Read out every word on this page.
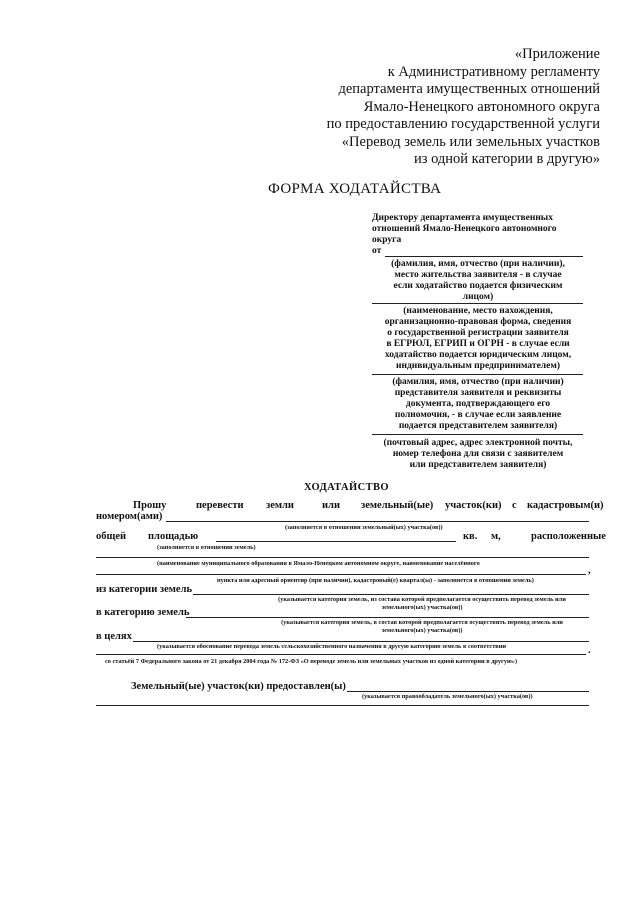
«Приложение
к Административному регламенту
департамента имущественных отношений
Ямало-Ненецкого автономного округа
по предоставлению государственной услуги
«Перевод земель или земельных участков
из одной категории в другую»
ФОРМА ХОДАТАЙСТВА
Директору департамента имущественных
отношений Ямало-Ненецкого автономного
округа
от
(фамилия, имя, отчество (при наличии),
место жительства заявителя - в случае
если ходатайство подается физическим
лицом)
(наименование, место нахождения,
организационно-правовая форма, сведения
о государственной регистрации заявителя
в ЕГРЮЛ, ЕГРИП и ОГРН - в случае если
ходатайство подается юридическим лицом,
индивидуальным предпринимателем)
(фамилия, имя, отчество (при наличии)
представителя заявителя и реквизиты
документа, подтверждающего его
полномочия, - в случае если заявление
подается представителем заявителя)
(почтовый адрес, адрес электронной почты,
номер телефона для связи с заявителем
или представителем заявителя)
ХОДАТАЙСТВО
Прошу	перевести земли	или земельный(ые) участок(ки) с кадастровым(и)
номером(ами)
(заполняется в отношении земельный(ых) участка(ов))
общей площадью	кв. м,	расположенные
(заполняется в отношении земель)
(наименование муниципального образования в Ямало-Ненецком автономном округе, наименование населённого
,
пункта или адресный ориентир (при наличии), кадастровый(е) квартал(ы) - заполняется в отношении земель)
из категории земель
(указывается категория земель, из состава которой предполагается осуществить перевод земель или
земельного(ых) участка(ов))
в категорию земель
(указывается категория земель, в состав которой предполагается осуществить перевод земель или
земельного(ых) участка(ов))
в целях
(указывается обоснование перевода земель сельскохозяйственного назначения в другую категорию земель в соответствии	.
со статьёй 7 Федерального закона от 21 декабря 2004 года № 172-ФЗ «О переводе земель или земельных участков из одной категории в другую»)
Земельный(ые) участок(ки) предоставлен(ы)
(указывается правообладатель земельного(ых) участка(ов))
